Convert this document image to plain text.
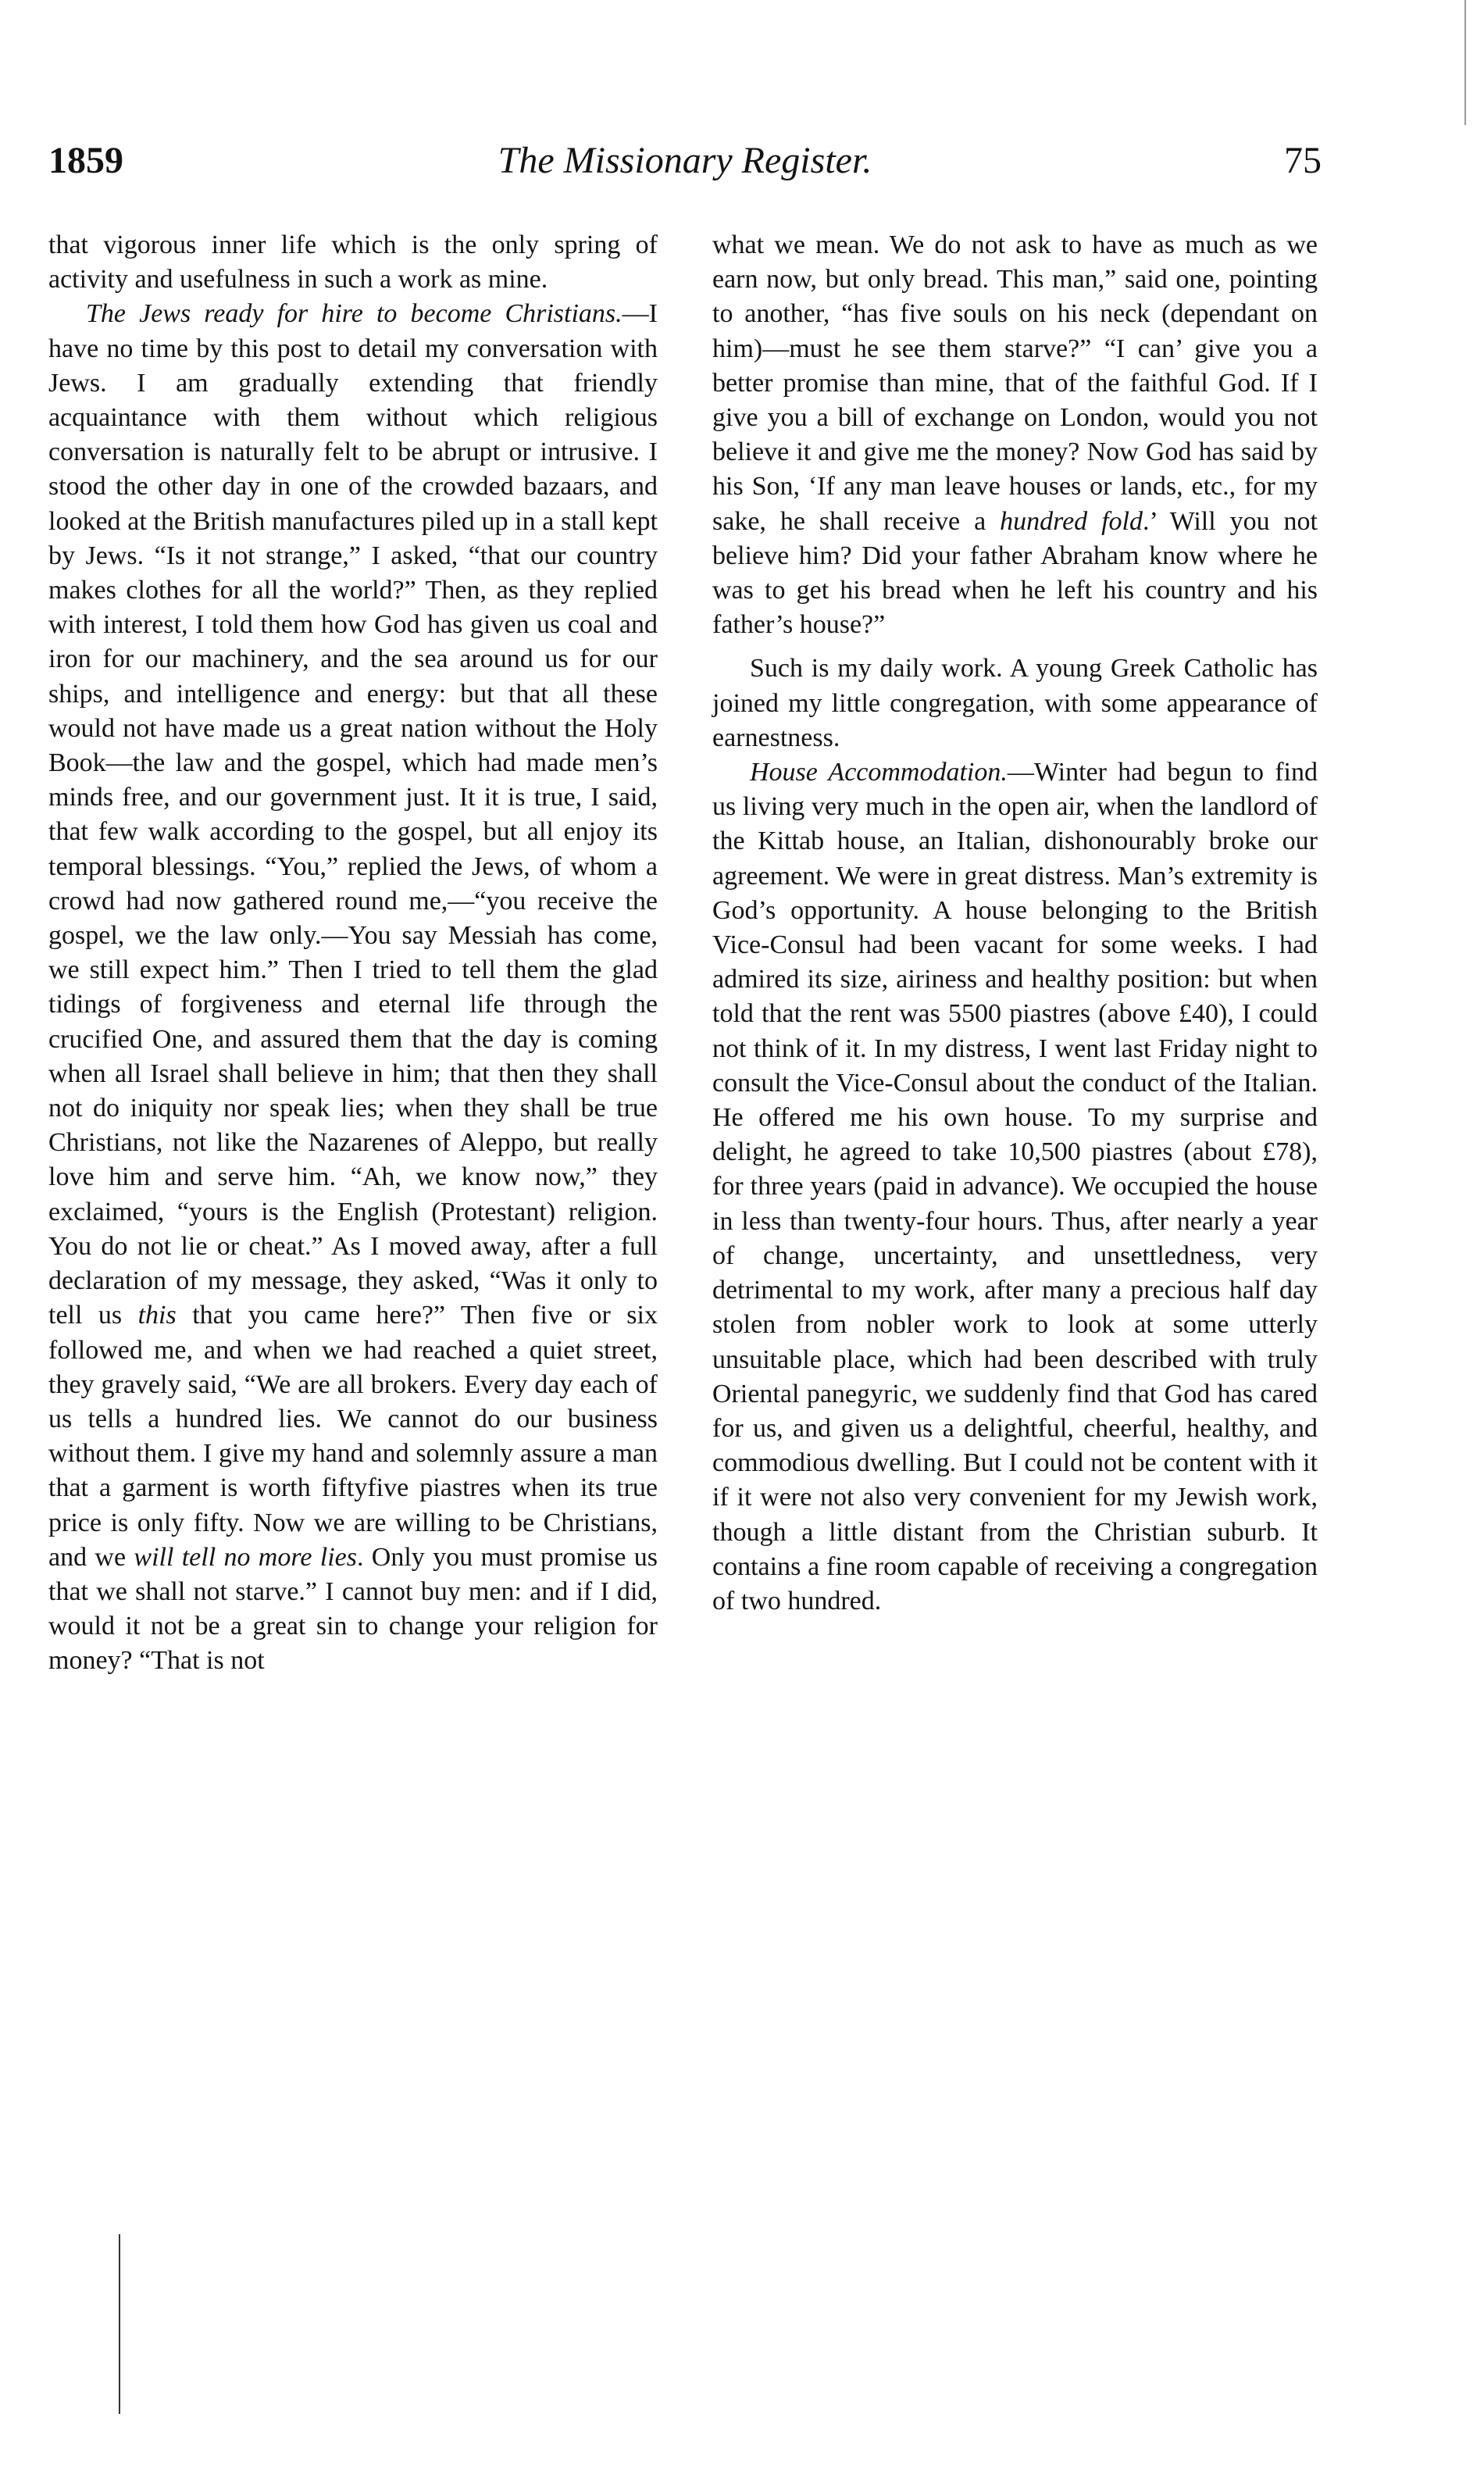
1859	The Missionary Register.	75

that vigorous inner life which is the only spring of activity and usefulness in such a work as mine.

The Jews ready for hire to become Christians.—I have no time by this post to detail my conversation with Jews. I am gradually extending that friendly acquaintance with them without which religious conversation is naturally felt to be abrupt or intrusive. I stood the other day in one of the crowded bazaars, and looked at the British manufactures piled up in a stall kept by Jews. “Is it not strange,” I asked, “that our country makes clothes for all the world?” Then, as they replied with interest, I told them how God has given us coal and iron for our machinery, and the sea around us for our ships, and intelligence and energy: but that all these would not have made us a great nation without the Holy Book—the law and the gospel, which had made men’s minds free, and our government just. It it is true, I said, that few walk according to the gospel, but all enjoy its temporal blessings. “You,” replied the Jews, of whom a crowd had now gathered round me,—“you receive the gospel, we the law only.—You say Messiah has come, we still expect him.” Then I tried to tell them the glad tidings of forgiveness and eternal life through the crucified One, and assured them that the day is coming when all Israel shall believe in him; that then they shall not do iniquity nor speak lies; when they shall be true Christians, not like the Nazarenes of Aleppo, but really love him and serve him. “Ah, we know now,” they exclaimed, “yours is the English (Protestant) religion. You do not lie or cheat.” As I moved away, after a full declaration of my message, they asked, “Was it only to tell us this that you came here?” Then five or six followed me, and when we had reached a quiet street, they gravely said, “We are all brokers. Every day each of us tells a hundred lies. We cannot do our business without them. I give my hand and solemnly assure a man that a garment is worth fiftyfive piastres when its true price is only fifty. Now we are willing to be Christians, and we will tell no more lies. Only you must promise us that we shall not starve.” I cannot buy men: and if I did, would it not be a great sin to change your religion for money? “That is not

what we mean. We do not ask to have as much as we earn now, but only bread. This man,” said one, pointing to another, “has five souls on his neck (dependant on him)—must he see them starve?” “I can’ give you a better promise than mine, that of the faithful God. If I give you a bill of exchange on London, would you not believe it and give me the money? Now God has said by his Son, ‘If any man leave houses or lands, etc., for my sake, he shall receive a hundred fold.’ Will you not believe him? Did your father Abraham know where he was to get his bread when he left his country and his father’s house?”

Such is my daily work. A young Greek Catholic has joined my little congregation, with some appearance of earnestness.

House Accommodation.—Winter had begun to find us living very much in the open air, when the landlord of the Kittab house, an Italian, dishonourably broke our agreement. We were in great distress. Man’s extremity is God’s opportunity. A house belonging to the British Vice-Consul had been vacant for some weeks. I had admired its size, airiness and healthy position: but when told that the rent was 5500 piastres (above £40), I could not think of it. In my distress, I went last Friday night to consult the Vice-Consul about the conduct of the Italian. He offered me his own house. To my surprise and delight, he agreed to take 10,500 piastres (about £78), for three years (paid in advance). We occupied the house in less than twenty-four hours. Thus, after nearly a year of change, uncertainty, and unsettledness, very detrimental to my work, after many a precious half day stolen from nobler work to look at some utterly unsuitable place, which had been described with truly Oriental panegyric, we suddenly find that God has cared for us, and given us a delightful, cheerful, healthy, and commodious dwelling. But I could not be content with it if it were not also very convenient for my Jewish work, though a little distant from the Christian suburb. It contains a fine room capable of receiving a congregation of two hundred.
